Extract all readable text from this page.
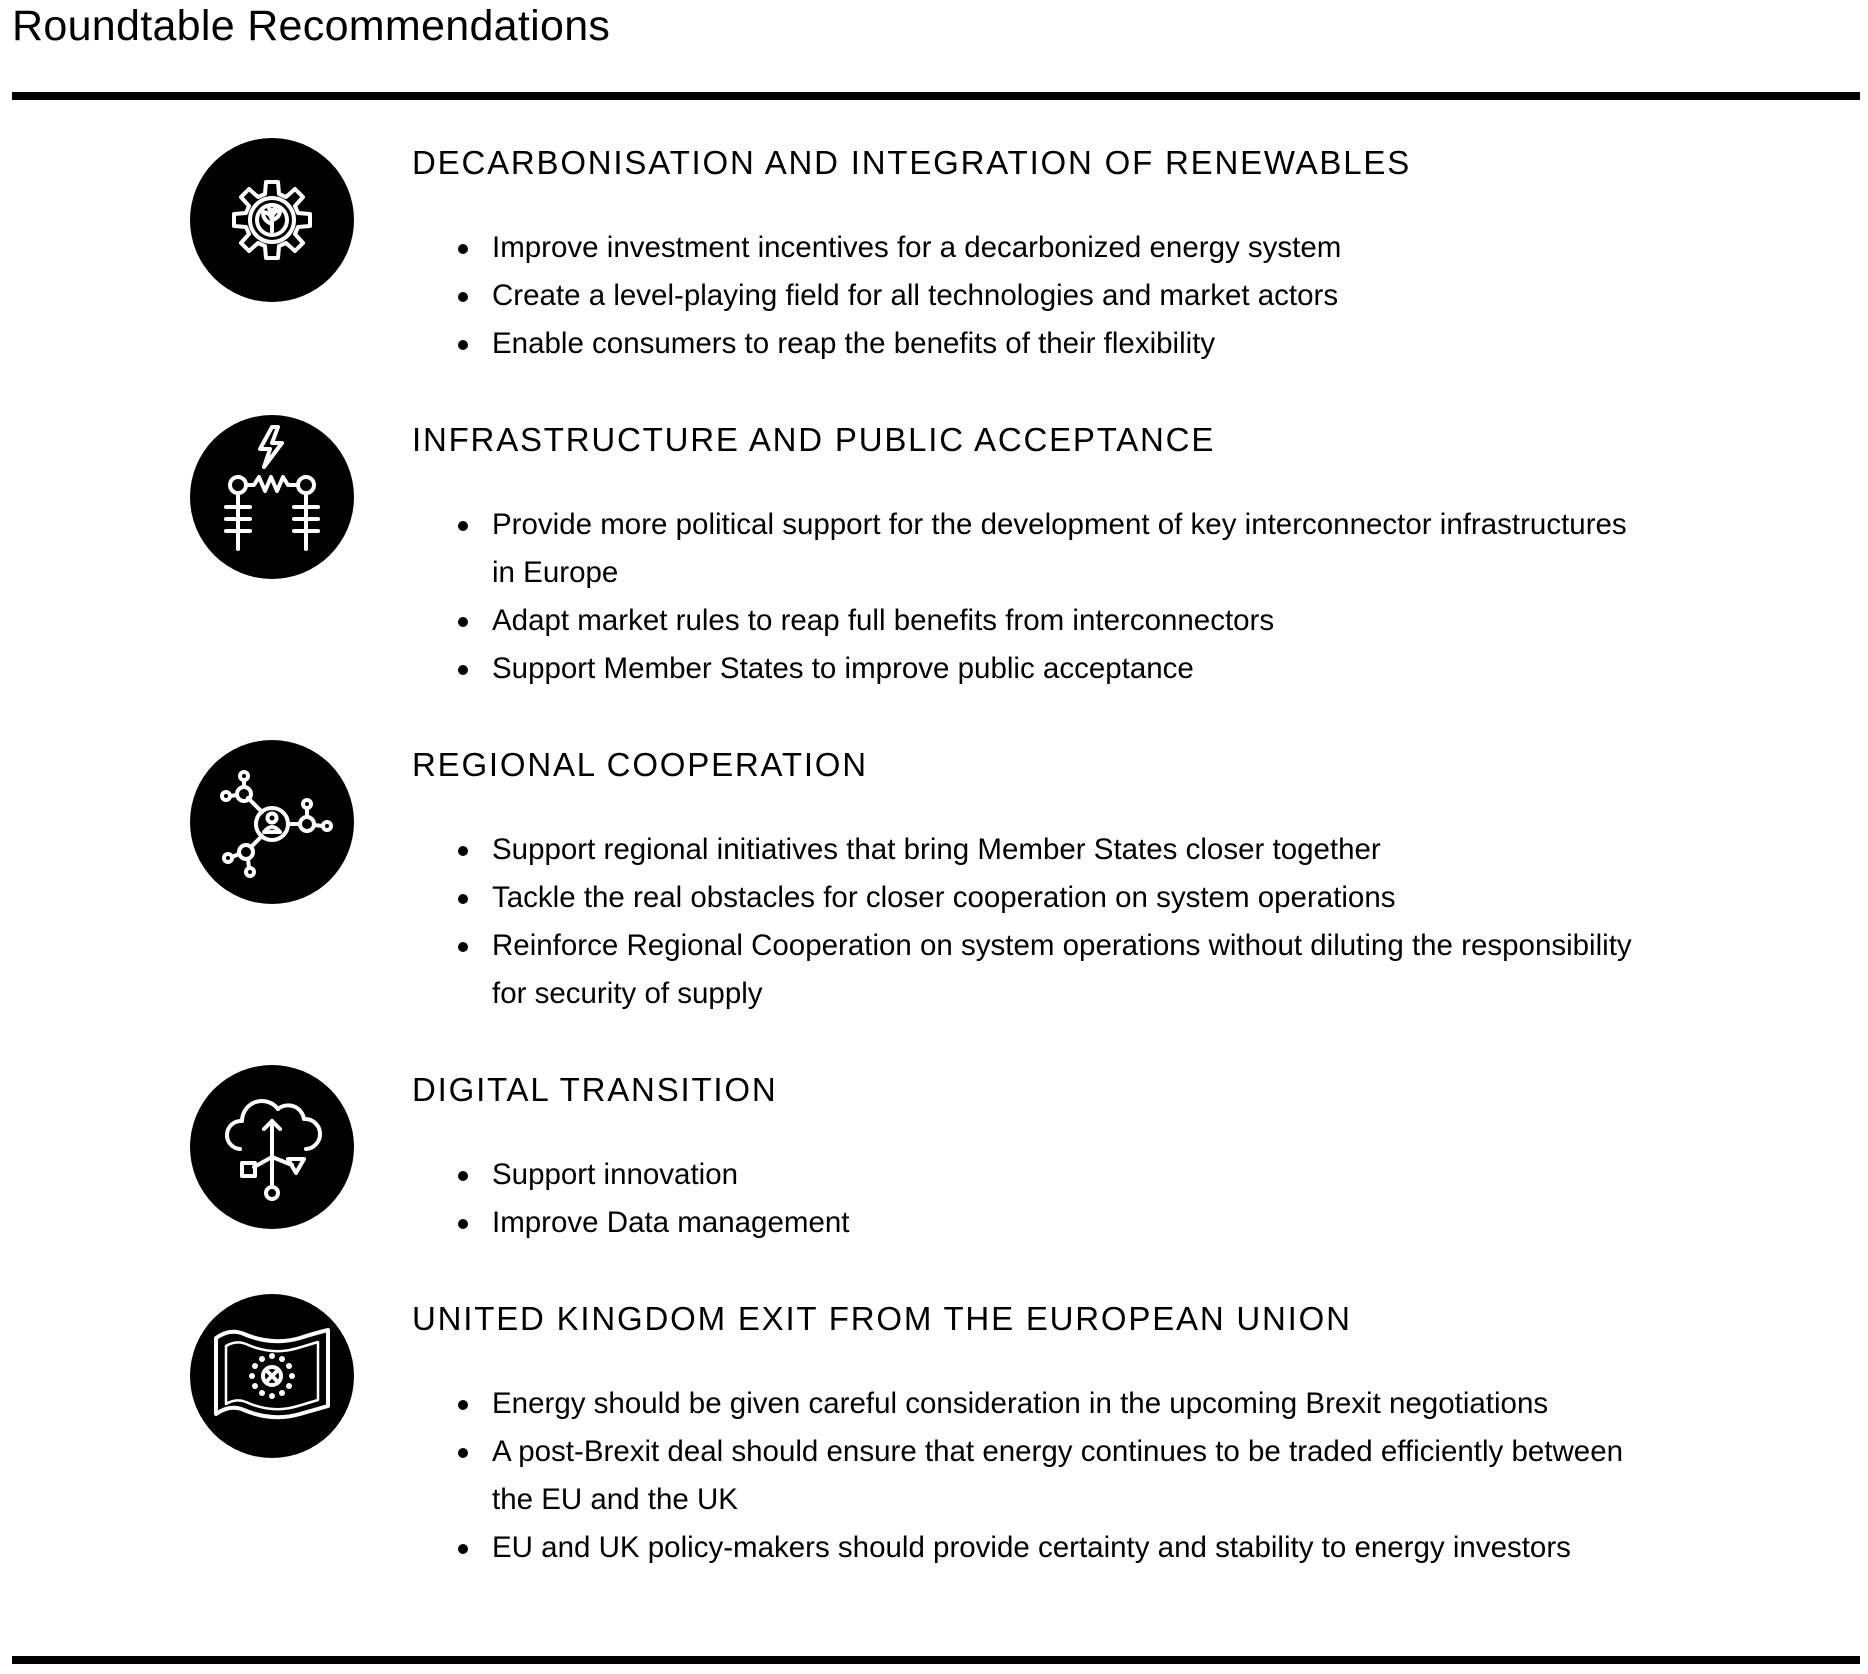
Roundtable Recommendations
DECARBONISATION AND INTEGRATION OF RENEWABLES
Improve investment incentives for a decarbonized energy system
Create a level-playing field for all technologies and market actors
Enable consumers to reap the benefits of their flexibility
INFRASTRUCTURE AND PUBLIC ACCEPTANCE
Provide more political support for the development of key interconnector infrastructures in Europe
Adapt market rules to reap full benefits from interconnectors
Support Member States to improve public acceptance
REGIONAL COOPERATION
Support regional initiatives that bring Member States closer together
Tackle the real obstacles for closer cooperation on system operations
Reinforce Regional Cooperation on system operations without diluting the responsibility for security of supply
DIGITAL TRANSITION
Support innovation
Improve Data management
UNITED KINGDOM EXIT FROM THE EUROPEAN UNION
Energy should be given careful consideration in the upcoming Brexit negotiations
A post-Brexit deal should ensure that energy continues to be traded efficiently between the EU and the UK
EU and UK policy-makers should provide certainty and stability to energy investors
